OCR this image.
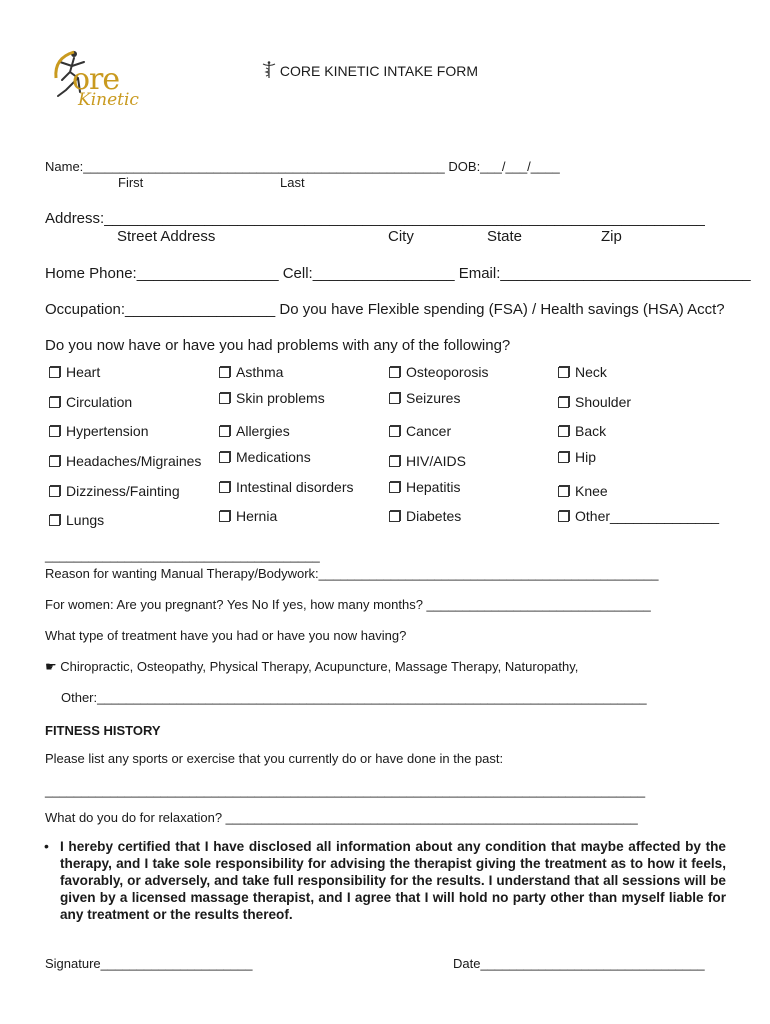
ore
Kinetic
CORE KINETIC INTAKE FORM
Name:__________________________________________________ DOB:___/___/____
First	Last
Address:________________________________________________________________________
Street Address	City	State	Zip
Home Phone:_________________ Cell:_________________ Email:______________________________
Occupation:__________________ Do you have Flexible spending (FSA) / Health savings (HSA) Acct?
Do you now have or have you had problems with any of the following?
Heart
Circulation
Hypertension
Headaches/Migraines
Dizziness/Fainting
Lungs
Asthma
Skin problems
Allergies
Medications
Intestinal disorders
Hernia
Osteoporosis
Seizures
Cancer
HIV/AIDS
Hepatitis
Diabetes
Neck
Shoulder
Back
Hip
Knee
Other______________
______________________________________
Reason for wanting Manual Therapy/Bodywork:_______________________________________________
For women: Are you pregnant? Yes No If yes, how many months? _______________________________
What type of treatment have you had or have you now having?
☛ Chiropractic, Osteopathy, Physical Therapy, Acupuncture, Massage Therapy, Naturopathy,
Other:____________________________________________________________________________
FITNESS HISTORY
Please list any sports or exercise that you currently do or have done in the past:
___________________________________________________________________________________
What do you do for relaxation? _________________________________________________________
• I hereby certified that I have disclosed all information about any condition that maybe affected by the therapy, and I take sole responsibility for advising the therapist giving the treatment as to how it feels, favorably, or adversely, and take full responsibility for the results. I understand that all sessions will be given by a licensed massage therapist, and I agree that I will hold no party other than myself liable for any treatment or the results thereof.
Signature_____________________	Date_______________________________
